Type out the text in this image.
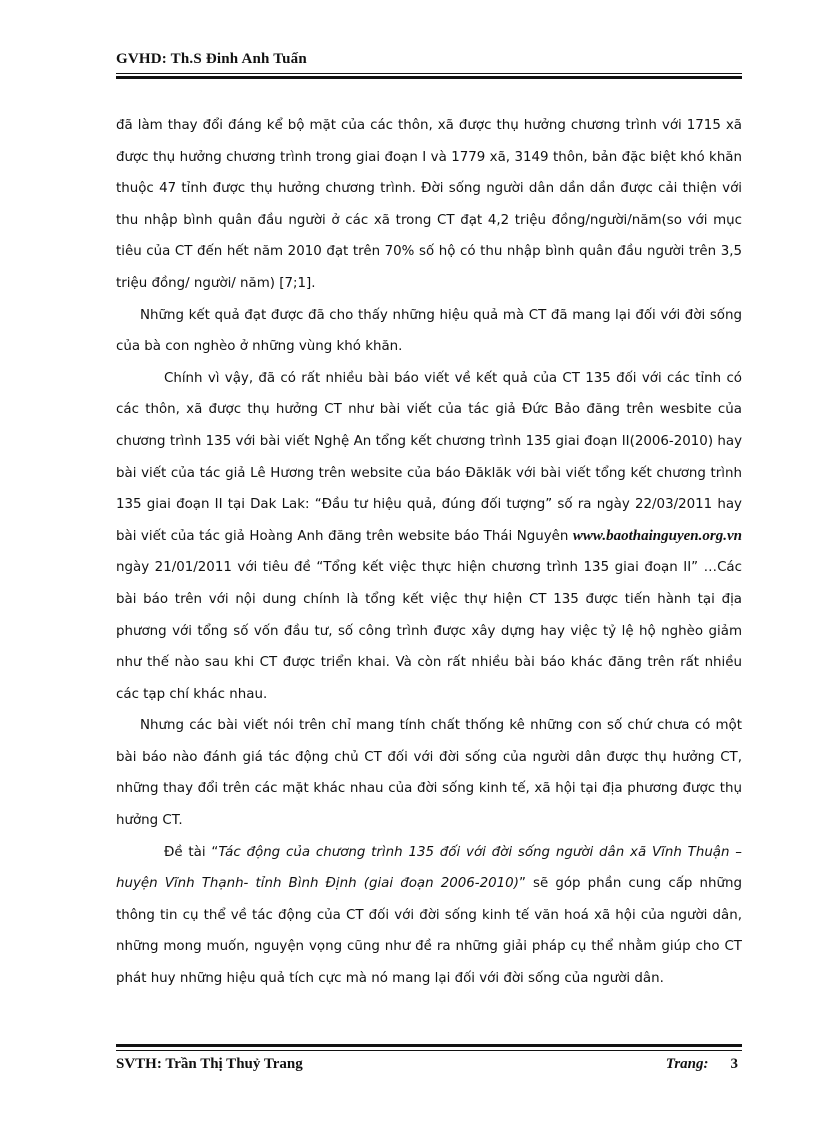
GVHD: Th.S Đinh Anh Tuấn

đã làm thay đổi đáng kể bộ mặt của các thôn, xã được thụ hưởng chương trình với 1715 xã được thụ hưởng chương trình trong giai đoạn I và 1779 xã, 3149 thôn, bản đặc biệt khó khăn thuộc 47 tỉnh được thụ hưởng chương trình. Đời sống người dân dần dần được cải thiện với thu nhập bình quân đầu người ở các xã trong CT đạt 4,2 triệu đồng/người/năm(so với mục tiêu của CT đến hết năm 2010 đạt trên 70% số hộ có thu nhập bình quân đầu người trên 3,5 triệu đồng/ người/ năm) [7;1].

Những kết quả đạt được đã cho thấy những hiệu quả mà CT đã mang lại đối với đời sống của bà con nghèo ở những vùng khó khăn.

Chính vì vậy, đã có rất nhiều bài báo viết về kết quả của CT 135 đối với các tỉnh có các thôn, xã được thụ hưởng CT như bài viết của tác giả Đức Bảo đăng trên wesbite của chương trình 135 với bài viết Nghệ An tổng kết chương trình 135 giai đoạn II(2006-2010) hay bài viết của tác giả Lê Hương trên website của báo Đăklăk với bài viết tổng kết chương trình 135 giai đoạn II tại Dak Lak: “Đầu tư hiệu quả, đúng đối tượng” số ra ngày 22/03/2011 hay bài viết của tác giả Hoàng Anh đăng trên website báo Thái Nguyên www.baothainguyen.org.vn ngày 21/01/2011 với tiêu đề “Tổng kết việc thực hiện chương trình 135 giai đoạn II” …Các bài báo trên với nội dung chính là tổng kết việc thự hiện CT 135 được tiến hành tại địa phương với tổng số vốn đầu tư, số công trình được xây dựng hay việc tỷ lệ hộ nghèo giảm như thế nào sau khi CT được triển khai. Và còn rất nhiều bài báo khác đăng trên rất nhiều các tạp chí khác nhau.

Nhưng các bài viết nói trên chỉ mang tính chất thống kê những con số chứ chưa có một bài báo nào đánh giá tác động chủ CT đối với đời sống của người dân được thụ hưởng CT, những thay đổi trên các mặt khác nhau của đời sống kinh tế, xã hội tại địa phương được thụ hưởng CT.

Đề tài “Tác động của chương trình 135 đối với đời sống người dân xã Vĩnh Thuận – huyện Vĩnh Thạnh- tỉnh Bình Định (giai đoạn 2006-2010)” sẽ góp phần cung cấp những thông tin cụ thể về tác động của CT đối với đời sống kinh tế văn hoá xã hội của người dân, những mong muốn, nguyện vọng cũng như đề ra những giải pháp cụ thể nhằm giúp cho CT phát huy những hiệu quả tích cực mà nó mang lại đối với đời sống của người dân.

SVTH: Trần Thị Thuỷ Trang	Trang: 3
